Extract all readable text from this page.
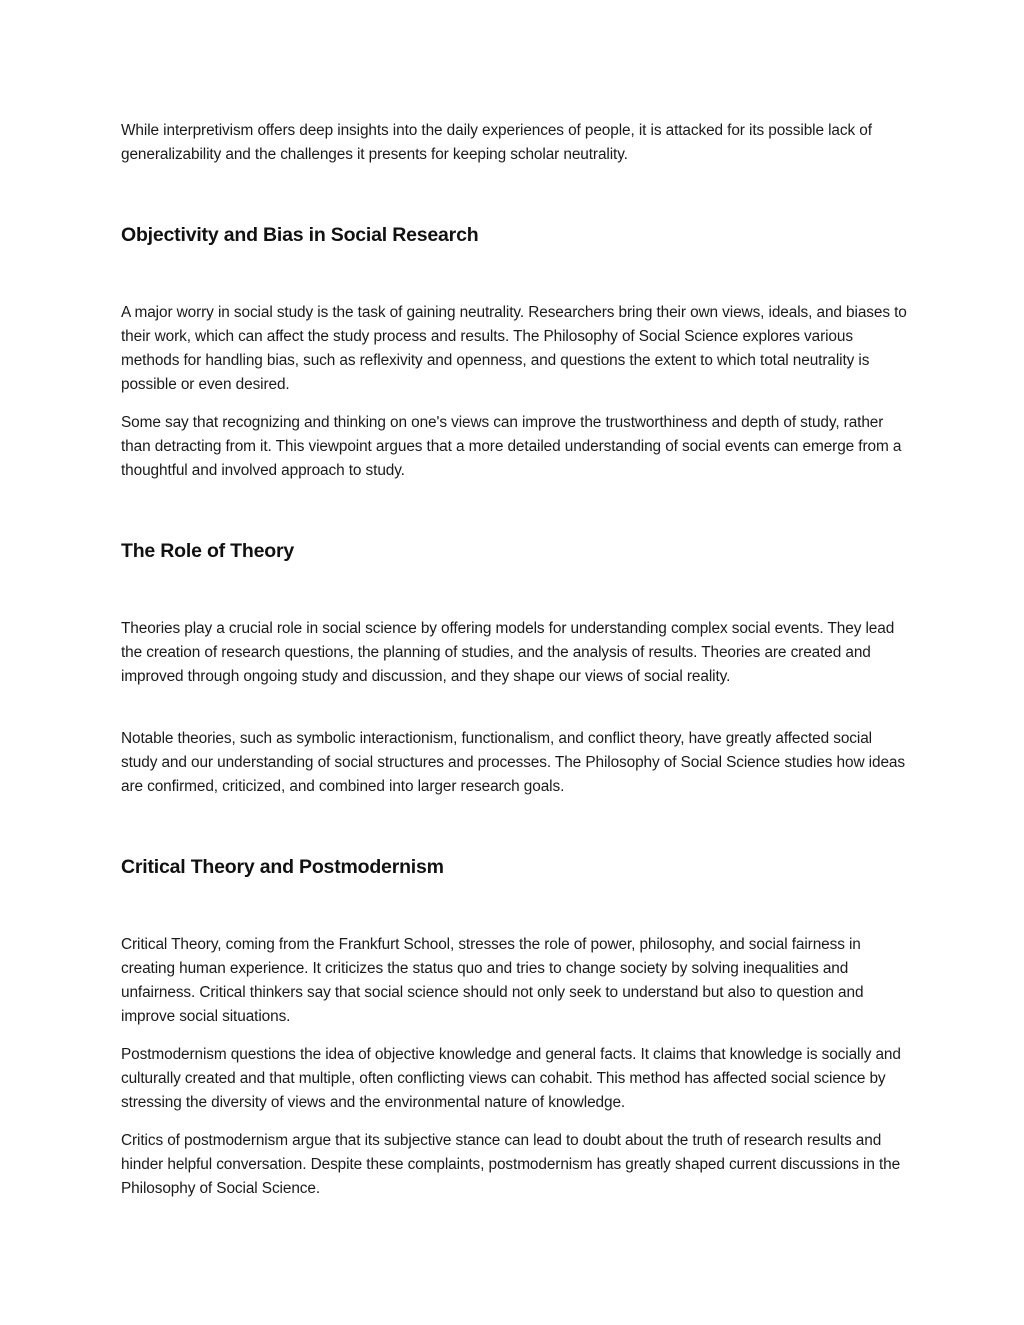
While interpretivism offers deep insights into the daily experiences of people, it is attacked for its possible lack of generalizability and the challenges it presents for keeping scholar neutrality.

Objectivity and Bias in Social Research

A major worry in social study is the task of gaining neutrality. Researchers bring their own views, ideals, and biases to their work, which can affect the study process and results. The Philosophy of Social Science explores various methods for handling bias, such as reflexivity and openness, and questions the extent to which total neutrality is possible or even desired.

Some say that recognizing and thinking on one's views can improve the trustworthiness and depth of study, rather than detracting from it. This viewpoint argues that a more detailed understanding of social events can emerge from a thoughtful and involved approach to study.

The Role of Theory

Theories play a crucial role in social science by offering models for understanding complex social events. They lead the creation of research questions, the planning of studies, and the analysis of results. Theories are created and improved through ongoing study and discussion, and they shape our views of social reality.

Notable theories, such as symbolic interactionism, functionalism, and conflict theory, have greatly affected social study and our understanding of social structures and processes. The Philosophy of Social Science studies how ideas are confirmed, criticized, and combined into larger research goals.

Critical Theory and Postmodernism

Critical Theory, coming from the Frankfurt School, stresses the role of power, philosophy, and social fairness in creating human experience. It criticizes the status quo and tries to change society by solving inequalities and unfairness. Critical thinkers say that social science should not only seek to understand but also to question and improve social situations.

Postmodernism questions the idea of objective knowledge and general facts. It claims that knowledge is socially and culturally created and that multiple, often conflicting views can cohabit. This method has affected social science by stressing the diversity of views and the environmental nature of knowledge.

Critics of postmodernism argue that its subjective stance can lead to doubt about the truth of research results and hinder helpful conversation. Despite these complaints, postmodernism has greatly shaped current discussions in the Philosophy of Social Science.
